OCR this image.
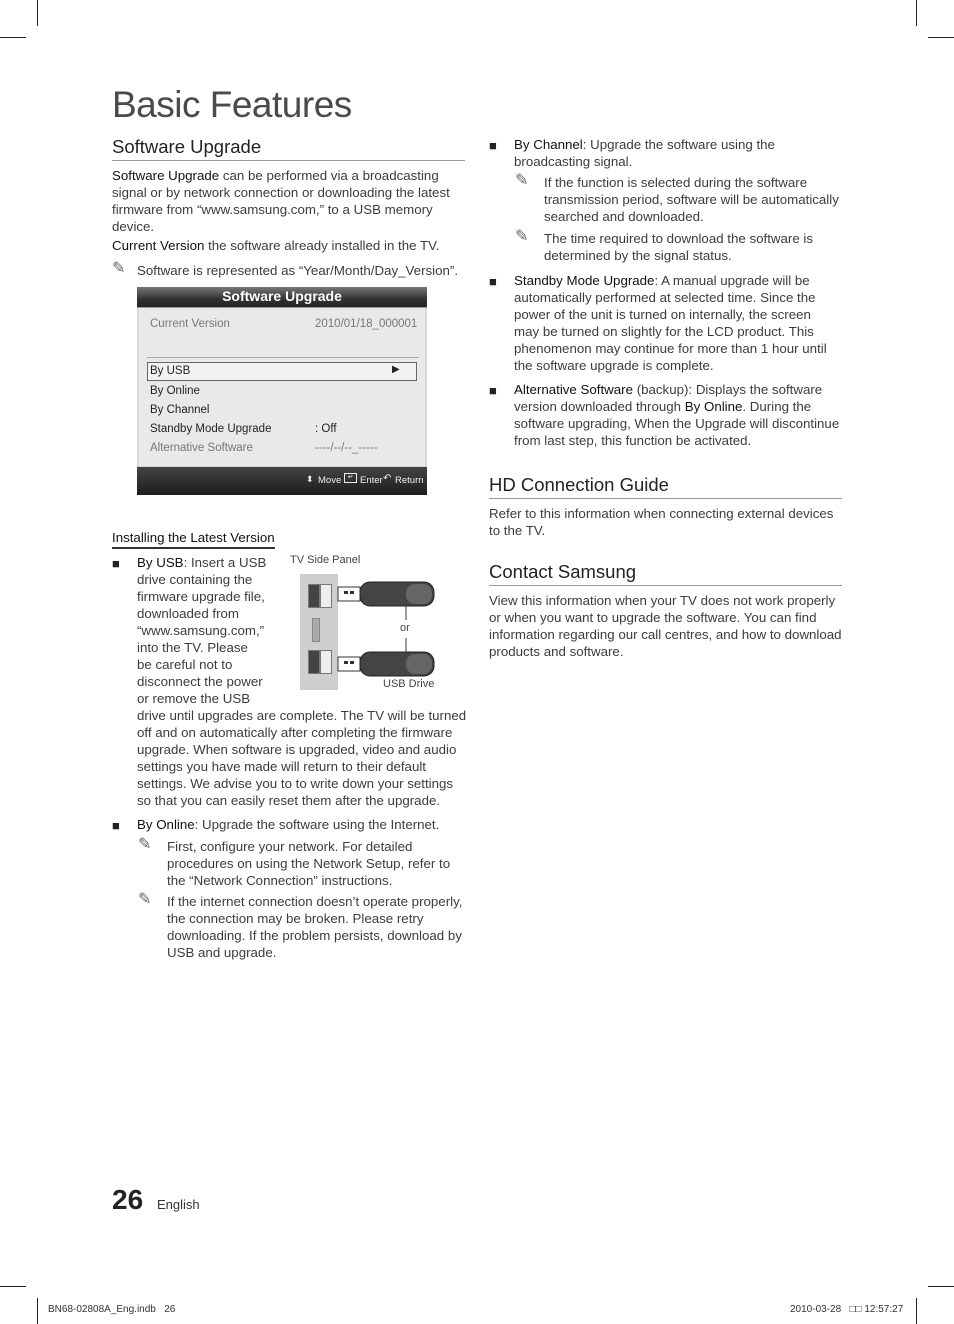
Basic Features
Software Upgrade
Software Upgrade can be performed via a broadcasting
signal or by network connection or downloading the latest
firmware from “www.samsung.com,” to a USB memory
device.
Current Version the software already installed in the TV.
✎ Software is represented as “Year/Month/Day_Version”.
Software Upgrade
Current Version	2010/01/18_000001
By USB	▶
By Online
By Channel
Standby Mode Upgrade	: Off
Alternative Software	----/--/--_-----
⬍ Move ↵ Enter ↶ Return
Installing the Latest Version
■ By USB: Insert a USB
drive containing the
firmware upgrade file,
downloaded from
“www.samsung.com,”
into the TV. Please
be careful not to
disconnect the power
or remove the USB
drive until upgrades are complete. The TV will be turned
off and on automatically after completing the firmware
upgrade. When software is upgraded, video and audio
settings you have made will return to their default
settings. We advise you to to write down your settings
so that you can easily reset them after the upgrade.
TV Side Panel
or
USB Drive
■ By Online: Upgrade the software using the Internet.
✎ First, configure your network. For detailed
procedures on using the Network Setup, refer to
the “Network Connection” instructions.
✎ If the internet connection doesn’t operate properly,
the connection may be broken. Please retry
downloading. If the problem persists, download by
USB and upgrade.
■ By Channel: Upgrade the software using the
broadcasting signal.
✎ If the function is selected during the software
transmission period, software will be automatically
searched and downloaded.
✎ The time required to download the software is
determined by the signal status.
■ Standby Mode Upgrade: A manual upgrade will be
automatically performed at selected time. Since the
power of the unit is turned on internally, the screen
may be turned on slightly for the LCD product. This
phenomenon may continue for more than 1 hour until
the software upgrade is complete.
■ Alternative Software (backup): Displays the software
version downloaded through By Online. During the
software upgrading, When the Upgrade will discontinue
from last step, this function be activated.
HD Connection Guide
Refer to this information when connecting external devices
to the TV.
Contact Samsung
View this information when your TV does not work properly
or when you want to upgrade the software. You can find
information regarding our call centres, and how to download
products and software.
26 English
BN68-02808A_Eng.indb   26	2010-03-28   □□ 12:57:27
